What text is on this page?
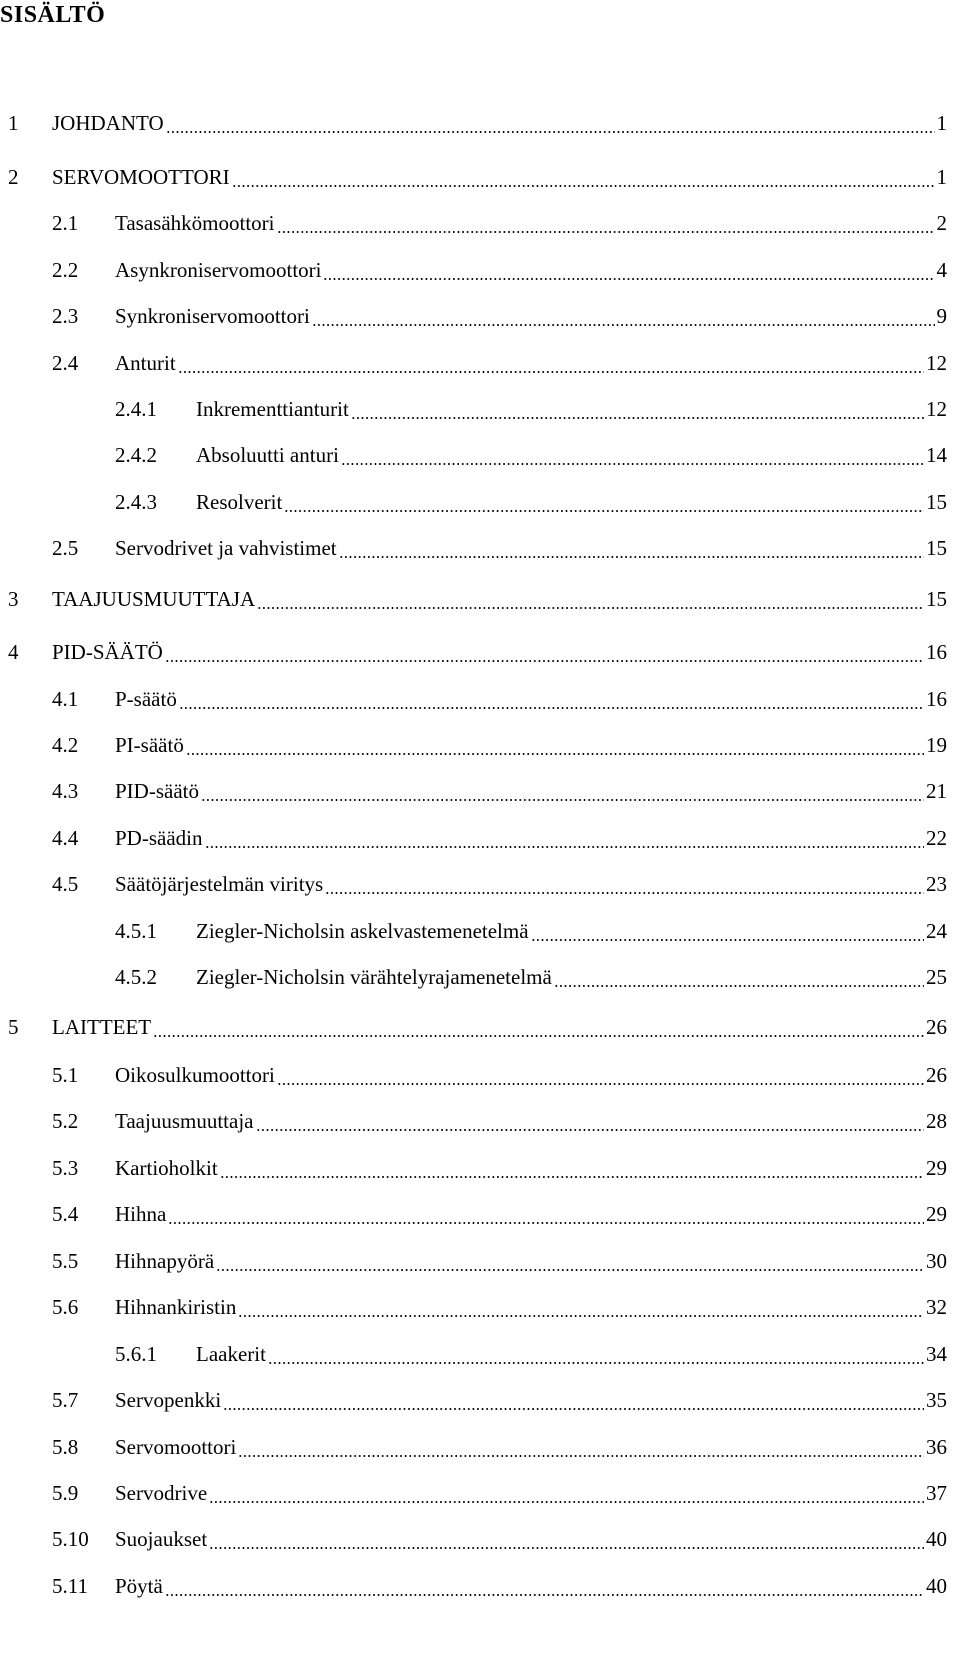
SISÄLTÖ
1 JOHDANTO	1
2 SERVOMOOTTORI	1
2.1 Tasasähkömoottori	2
2.2 Asynkroniservomoottori	4
2.3 Synkroniservomoottori	9
2.4 Anturit	12
2.4.1 Inkrementtianturit	12
2.4.2 Absoluutti anturi	14
2.4.3 Resolverit	15
2.5 Servodrivet ja vahvistimet	15
3 TAAJUUSMUUTTAJA	15
4 PID-SÄÄTÖ	16
4.1 P-säätö	16
4.2 PI-säätö	19
4.3 PID-säätö	21
4.4 PD-säädin	22
4.5 Säätöjärjestelmän viritys	23
4.5.1 Ziegler-Nicholsin askelvastemenetelmä	24
4.5.2 Ziegler-Nicholsin värähtelyrajamenetelmä	25
5 LAITTEET	26
5.1 Oikosulkumoottori	26
5.2 Taajuusmuuttaja	28
5.3 Kartioholkit	29
5.4 Hihna	29
5.5 Hihnapyörä	30
5.6 Hihnankiristin	32
5.6.1 Laakerit	34
5.7 Servopenkki	35
5.8 Servomoottori	36
5.9 Servodrive	37
5.10 Suojaukset	40
5.11 Pöytä	40
